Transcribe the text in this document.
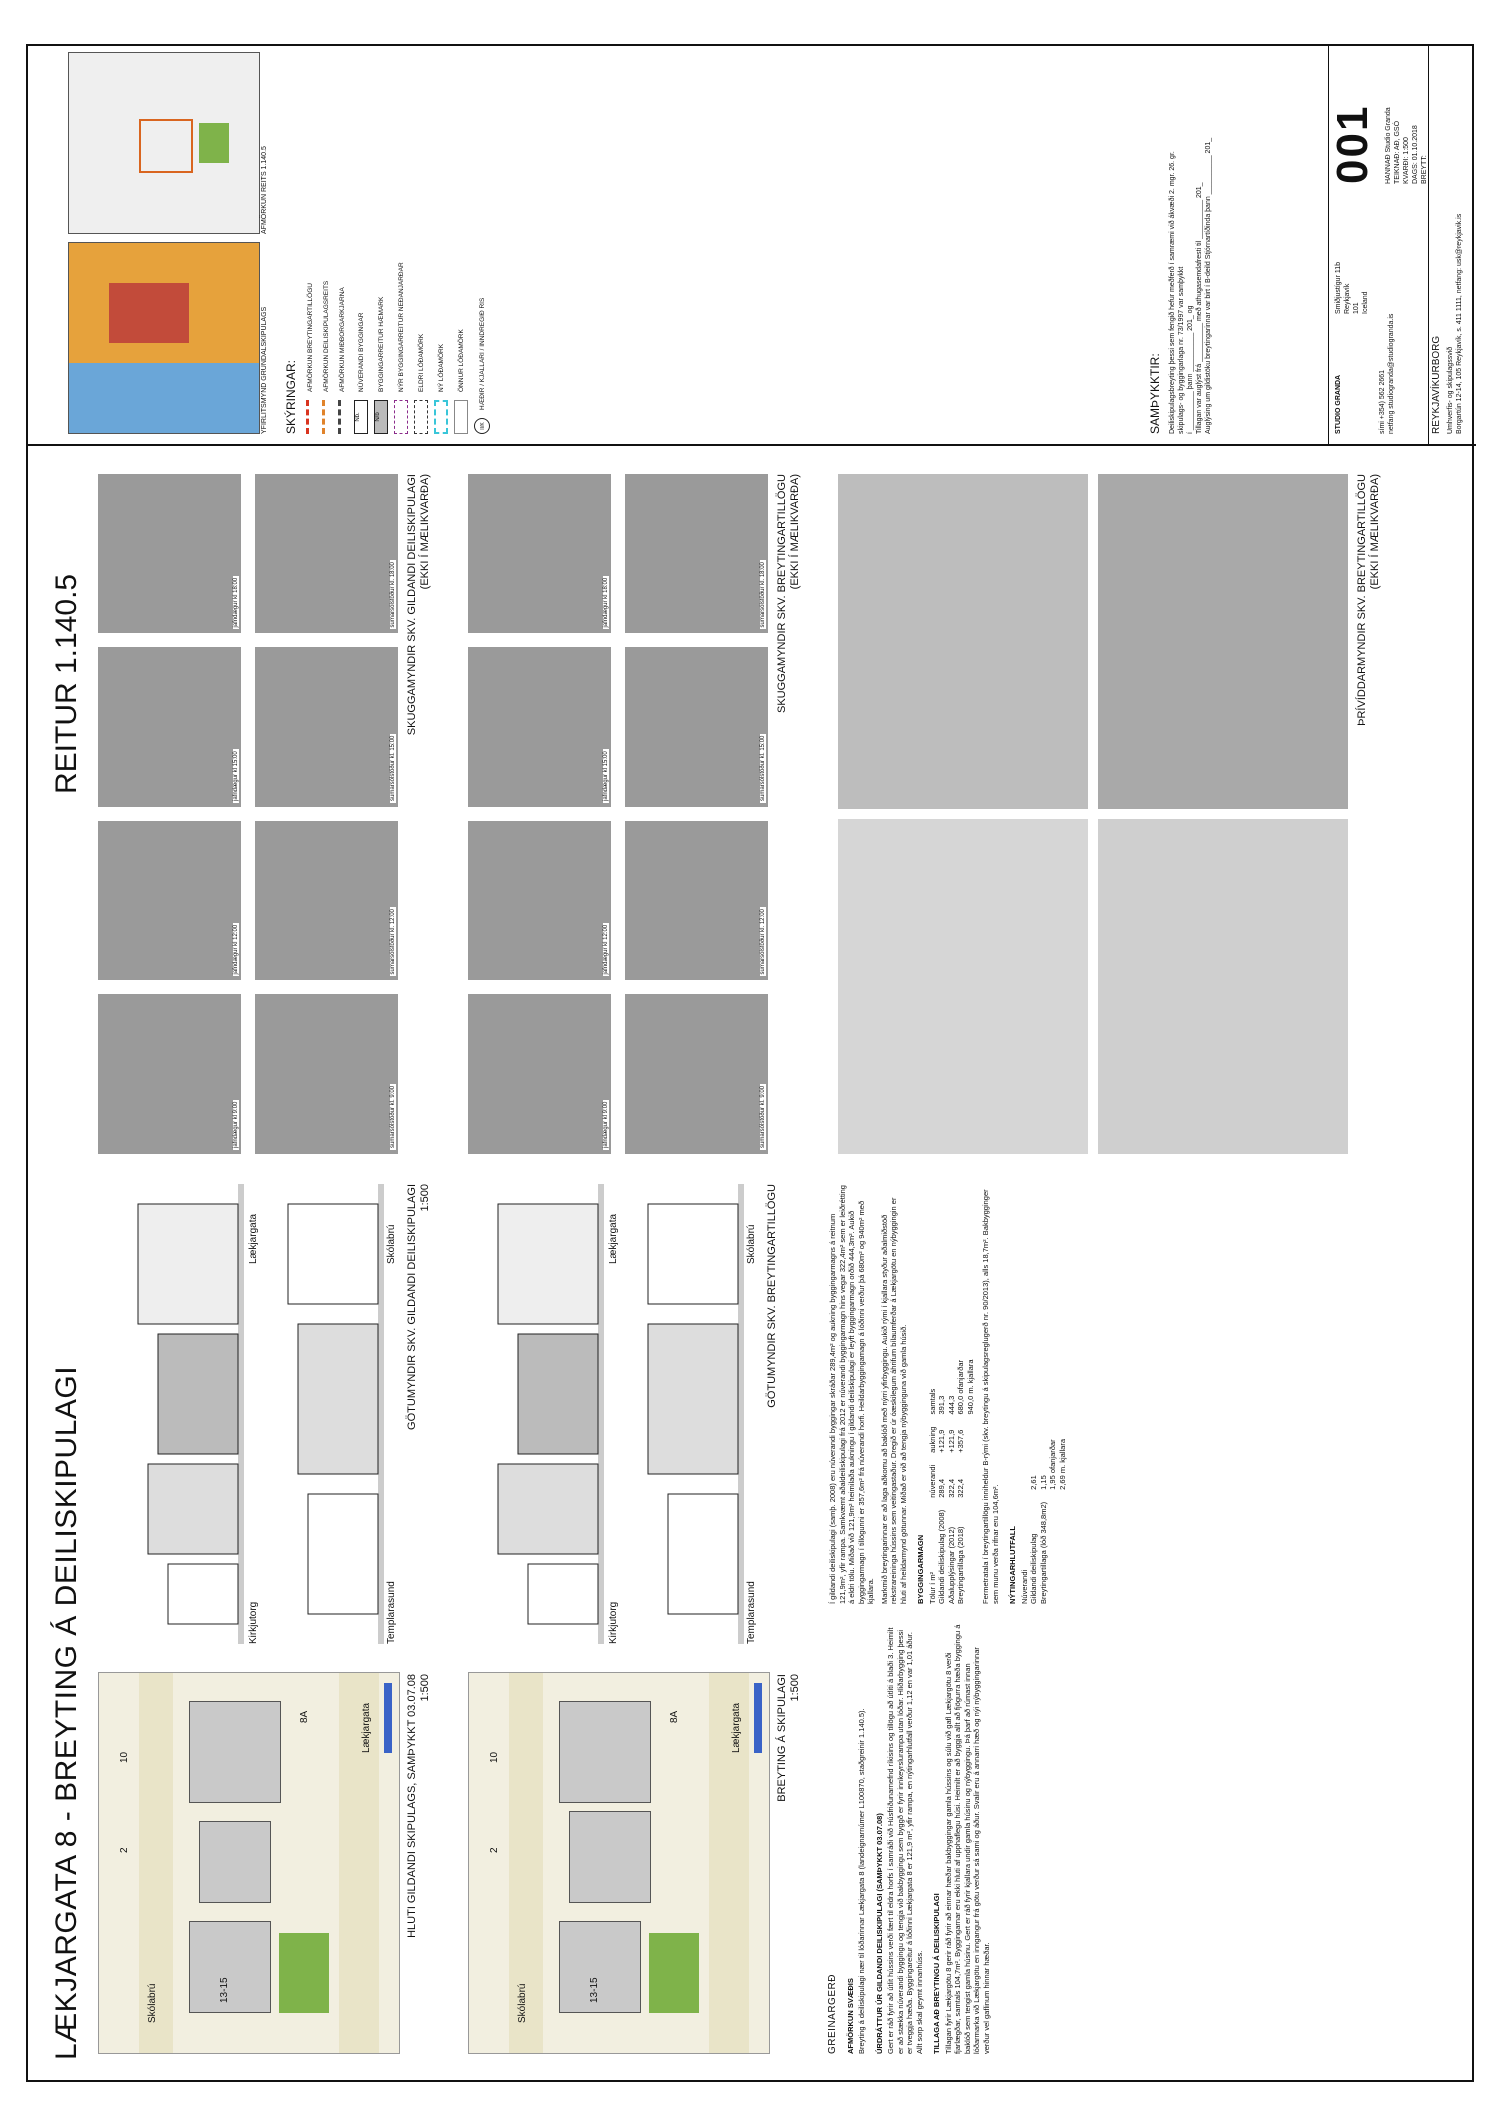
LÆKJARGATA 8 - BREYTING Á DEILISKIPULAGI
REITUR 1.140.5
Lækjargata
Skólabrú	13-15
10
2
8A	HLUTI GILDANDI SKIPULAGS, SAMÞYKKT 03.07.08 1:500
Lækjargata
Skólabrú	13-15
10
2
8A	BREYTING Á SKIPULAGI 1:500
Kirkjutorg
Lækjargata
Templarasund
Skólabrú GÖTUMYNDIR SKV. GILDANDI DEILISKIPULAGI 1:500
Kirkjutorg
Lækjargata
Templarasund
Skólabrú GÖTUMYNDIR SKV. BREYTINGARTILLÖGU
GREINARGERÐ AFMÖRKUN SVÆÐIS Breyting á deiliskipulagi nær til lóðarinnar Lækjargata 8 (landeignarnúmer L100870, staðgreinir 1.140.5). ÚRDRÁTTUR ÚR GILDANDI DEILISKIPULAGI (SAMÞYKKT 03.07.08) Gert er ráð fyrir að útlit hússins verði fært til eldra horfs í samráði við Húsfriðunarnefnd ríkisins og tillögu að útliti á blaði 3. Heimilt er að stækka núverandi byggingu og tengja við bakbyggingu sem byggð er fyrir innkeyrslurampa utan lóðar. Hliðarbygging þessi er tveggja hæða. Byggingareitur á lóðinni Lækjargata 8 er 121,9 m², yfir rampa, en nýtingarhlutfall verður 1,12 en var 1,01 áður. Allt sorp skal geymt innanhúss. TILLAGA AÐ BREYTINGU Á DEILISKIPULAGI Tillagan fyrir Lækjargötu 8 gerir ráð fyrir að einnar hæðar bakbyggingar gamla hússins og súlu við gafl Lækjargötu 8 verði fjarlægðar, samtals 104,7m². Byggingarnar eru ekki hluti af upphaflegu húsi. Heimilt er að byggja allt að fjögurra hæða byggingu á baklóð sem tengist gamla húsinu. Gert er ráð fyrir kjallara undir gamla húsinu og nýbyggingu. Þá þarf að rúmast innan lóðarmarka við Lækjargötu en inngangur frá götu verður sá sami og áður. Svalir eru á annarri hæð og nýi nýbyggingarinnar verður vel gaflinum hinnar hæðar.

Í gildandi deiliskipulagi (samþ. 2008) eru núverandi byggingar skráðar 289,4m² og aukning byggingarmagns á reitnum 121,9m², yfir rampa. Samkvæmt aðaldeiliskipulagi frá 2012 er núverandi byggingarmagn hins vegar 322,4m² sem er leiðrétting á eldri tölu. Miðað við 121,9m² heimilaða aukningu í gildandi deiliskipulagi er leyft byggingarmagn orðið 444,3m². Aukið byggingarmagn í tillögunni er 357,6m² frá núverandi horfi. Heildarbyggingamagn á lóðinni verður þá 680m² og 940m² með kjallara. Markmið breytingarinnar er að laga aðkomu að baklóð með nýrri yfirbyggingu. Aukið rými í kjallara styður aðalmiðstöð rekstrareininga hússins sem veitingastaður. Dregið er úr óæskilegum áhrifum bílaumferðar á Lækjargötu en nýbyggingin er hluti af heildarmynd götunnar. Miðað er við að tengja nýbygginguna við gamla húsið. BYGGINGARMAGN Tölur í m²	núverandi	aukning	samtals
Gildandi deiliskipulag (2008)	289,4	+121,9	391,3
Aðalupplýsingar (2012)	322,4	+121,9	444,3
Breytingartillaga (2018)	322,4	+357,6	680,0 ofanjarðar
			940,0 m. kjallara Fermetratala í breytingartillögu inniheldur B-rými (skv. breytingu á skipulagsreglugerð nr. 90/2013), alls 18,7m². Bakbygginger sem munu verða rifnar eru 104,6m². NÝTINGARHLUTFALL Núverandi	
Gildandi deiliskipulag	2,61
Breytingartillaga (lóð 348,8m2)	1,15
	1,95 ofanjarðar
	2,69 m. kjallara
jafndægur kl 9:00
jafndægur kl 12:00
jafndægur kl 15:00
jafndægur kl 18:00
sumarsólstöður kl. 9:00
sumarsólstöður kl. 12:00
sumarsólstöður kl. 15:00
sumarsólstöður kl. 18:00 SKUGGAMYNDIR SKV. GILDANDI DEILISKIPULAGI (EKKI Í MÆLIKVARÐA)
jafndægur kl 9:00
jafndægur kl 12:00
jafndægur kl 15:00
jafndægur kl 18:00
sumarsólstöður kl. 9:00
sumarsólstöður kl. 12:00
sumarsólstöður kl. 15:00
sumarsólstöður kl. 18:00 SKUGGAMYNDIR SKV. BREYTINGARTILLÖGU (EKKI Í MÆLIKVARÐA)	ÞRÍVÍDDARMYNDIR SKV. BREYTINGARTILLÖGU (EKKI Í MÆLIKVARÐA)
YFIRLITSMYND GRUNDALSKIPULAGS
AFMÖRKUN REITS 1.140.5
SKÝRINGAR:
AFMÖRKUN BREYTINGARTILLÖGU AFMÖRKUN DEILISKIPULAGSREITS AFMÖRKUN MIÐBORGARKJARNA
Nb.
NÚVERANDI BYGGINGAR
N/b
BYGGINGARREITUR HÆMARK NÝR BYGGINGARREITUR NEÐANJARÐAR ELDRI LÓÐAMÖRK NÝ LÓÐAMÖRK ÖNNUR LÓÐAMÖRK
II/K
HÆÐIR / KJALLARI / INNDREGIÐ RIS	SAMÞYKKTIR: Deiliskipulagsbreyting þessi sem fengið hefur meðferð í samræmi við ákvæði 2. mgr. 26. gr. skipulags- og byggingarlaga nr. 73/1997 var samþykkt í __________ þann __________ 201_ og Tillagan var auglýst frá __________ með athugasemdafresti til __________ 201_ Auglýsing um gildistöku breytingarinnar var birt í B-deild Stjórnartíðinda þann __________ 201_	STUDIO GRANDA
Smiðjustígur 11b Reykjavík 101 Iceland
sími +354) 562 2661
netfang studiogranda@studiogranda.is
001 HANNAÐ Studio Granda TEIKNAÐ: AÐ, GSÓ KVARÐI: 1:500 DAGS: 01.10.2018 BREYTT:
REYKJAVÍKURBORG Umhverfis- og skipulagssvið Borgartún 12-14, 105 Reykjavík, s. 411 1111, netfang: usk@reykjavik.is
